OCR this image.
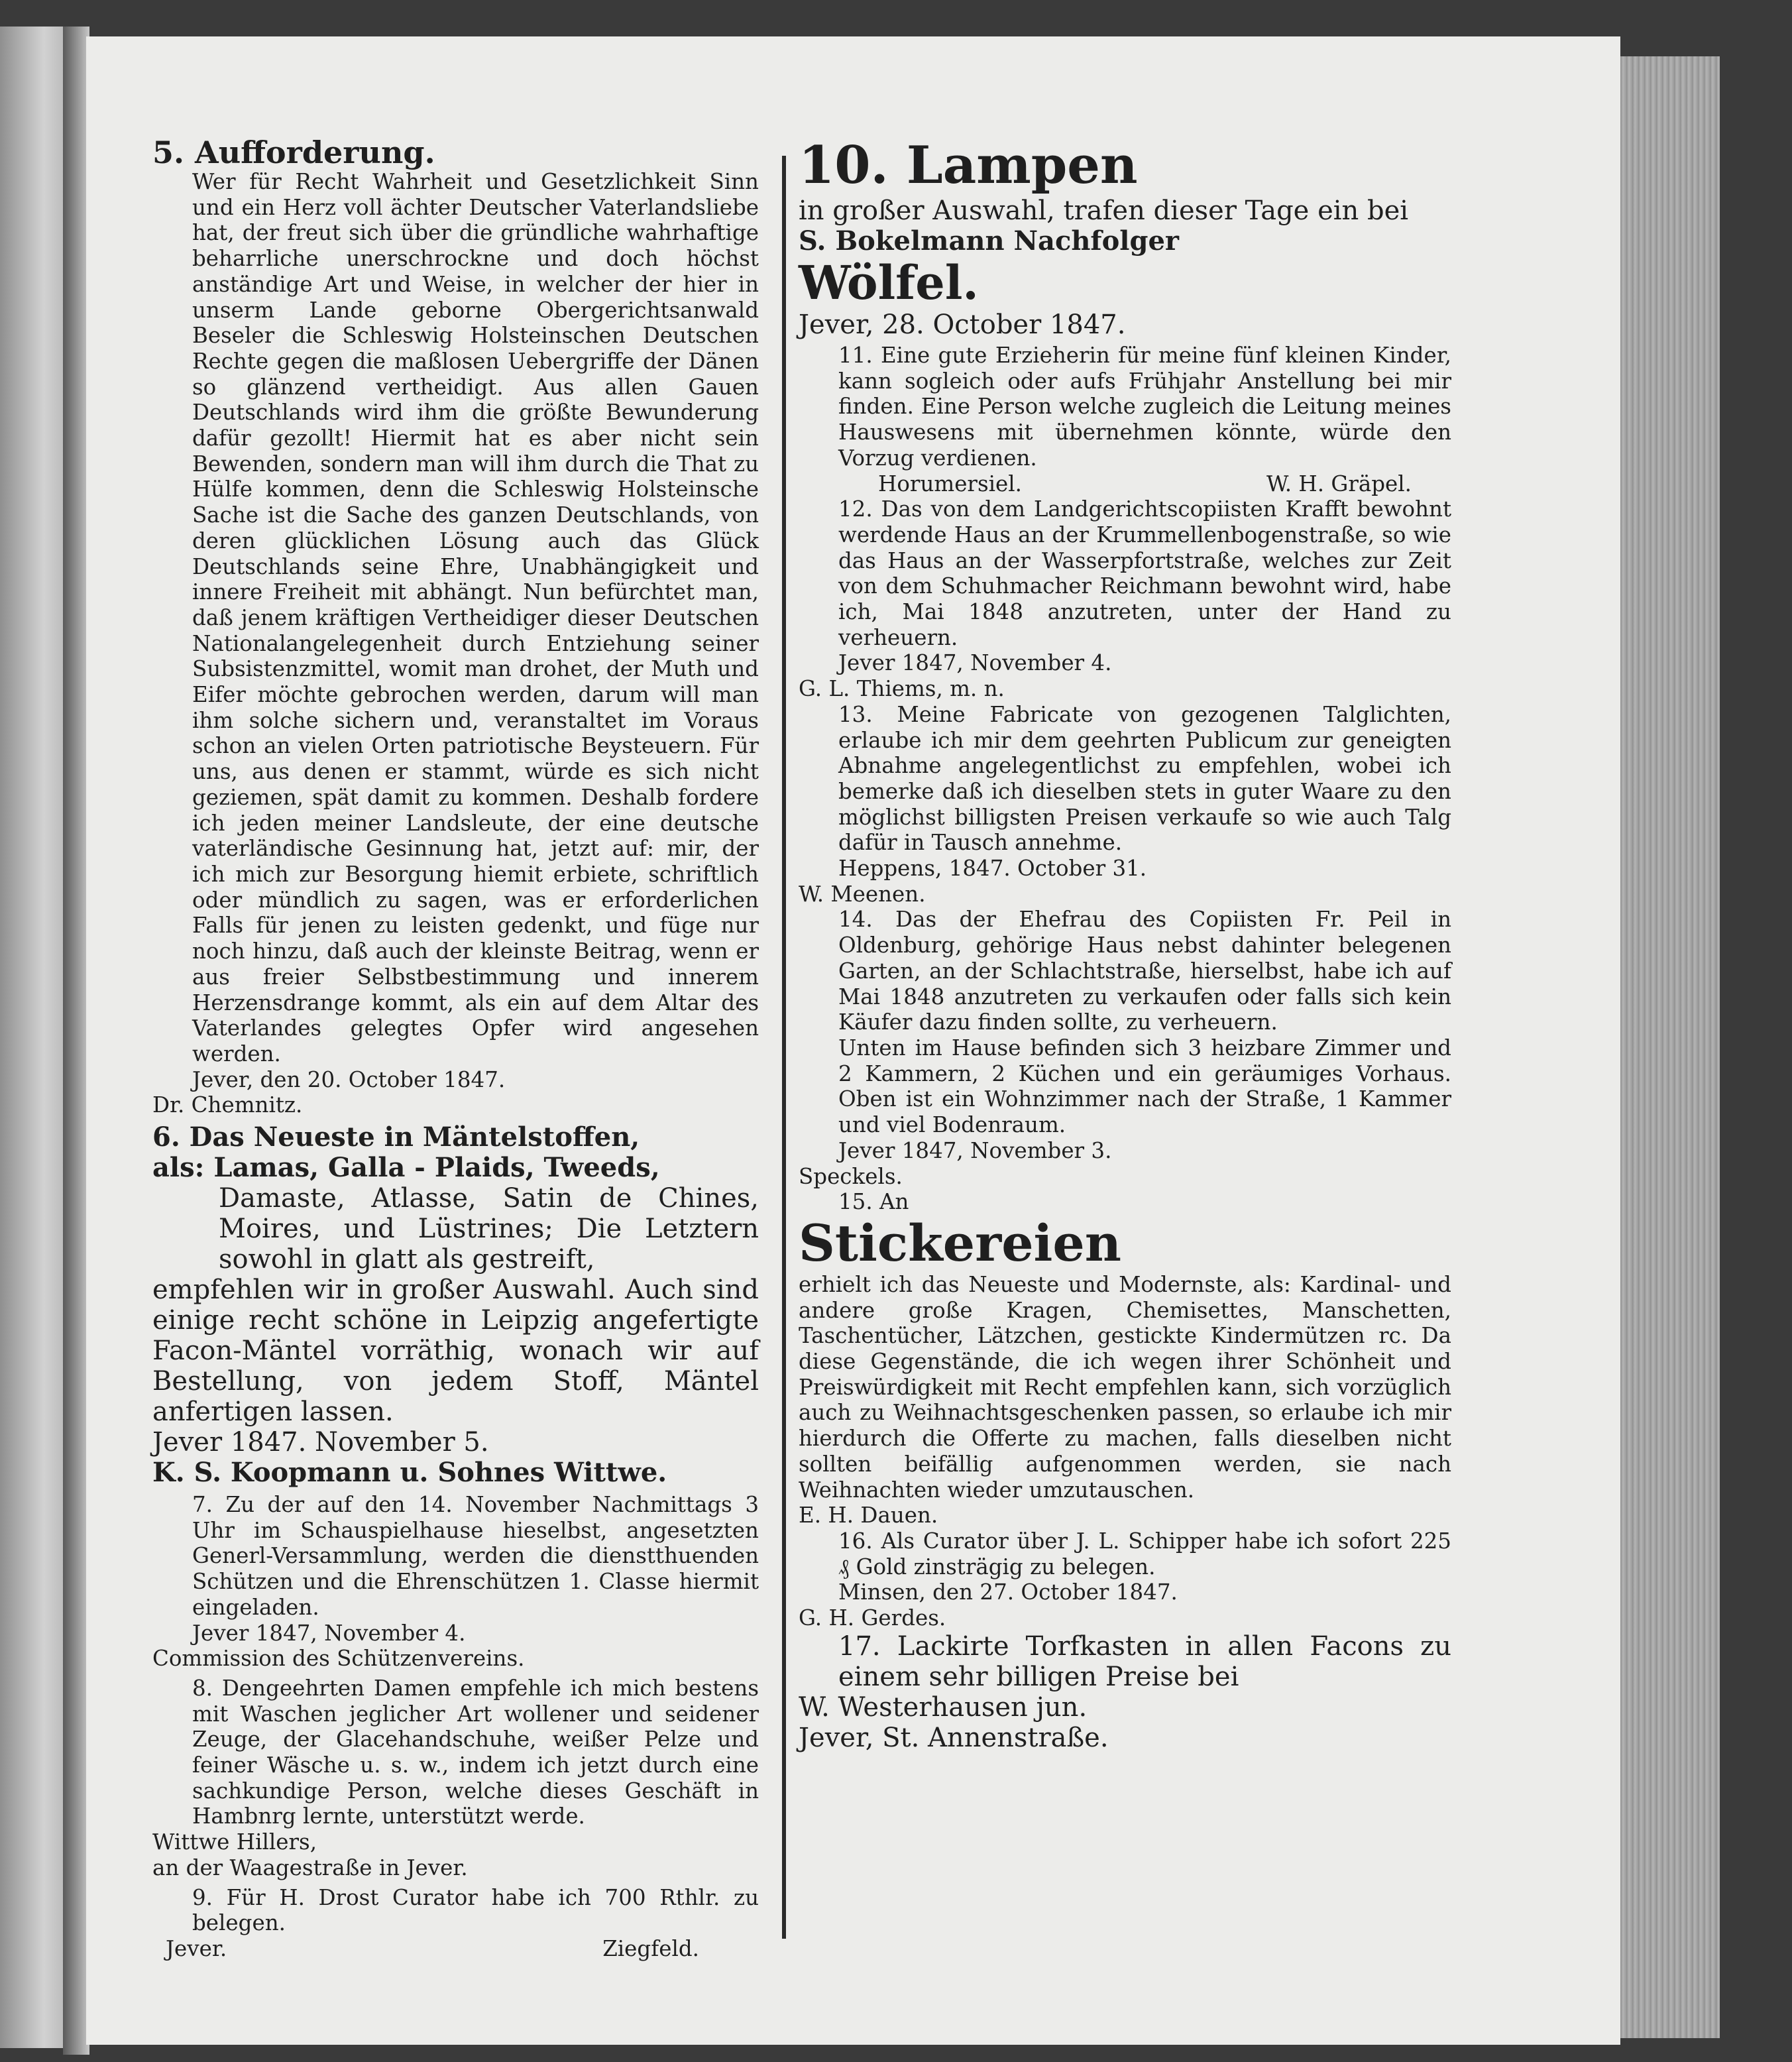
5. Aufforderung.

Wer für Recht Wahrheit und Gesetzlichkeit Sinn und ein Herz voll ächter Deutscher Vaterlandsliebe hat, der freut sich über die gründliche wahrhaftige beharrliche unerschrockne und doch höchst anständige Art und Weise, in welcher der hier in unserm Lande geborne Obergerichtsanwald Beseler die Schleswig Holsteinschen Deutschen Rechte gegen die maßlosen Uebergriffe der Dänen so glänzend vertheidigt. Aus allen Gauen Deutschlands wird ihm die größte Bewunderung dafür gezollt! Hiermit hat es aber nicht sein Bewenden, sondern man will ihm durch die That zu Hülfe kommen, denn die Schleswig Holsteinsche Sache ist die Sache des ganzen Deutschlands, von deren glücklichen Lösung auch das Glück Deutschlands seine Ehre, Unabhängigkeit und innere Freiheit mit abhängt. Nun befürchtet man, daß jenem kräftigen Vertheidiger dieser Deutschen Nationalangelegenheit durch Entziehung seiner Subsistenzmittel, womit man drohet, der Muth und Eifer möchte gebrochen werden, darum will man ihm solche sichern und, veranstaltet im Voraus schon an vielen Orten patriotische Beysteuern. Für uns, aus denen er stammt, würde es sich nicht geziemen, spät damit zu kommen. Deshalb fordere ich jeden meiner Landsleute, der eine deutsche vaterländische Gesinnung hat, jetzt auf: mir, der ich mich zur Besorgung hiemit erbiete, schriftlich oder mündlich zu sagen, was er erforderlichen Falls für jenen zu leisten gedenkt, und füge nur noch hinzu, daß auch der kleinste Beitrag, wenn er aus freier Selbstbestimmung und innerem Herzensdrange kommt, als ein auf dem Altar des Vaterlandes gelegtes Opfer wird angesehen werden.

Jever, den 20. October 1847.

Dr. Chemnitz.

6. Das Neueste in Mäntelstoffen,

als: Lamas, Galla - Plaids, Tweeds,

Damaste, Atlasse, Satin de Chines, Moires, und Lüstrines; Die Letztern sowohl in glatt als gestreift,

empfehlen wir in großer Auswahl. Auch sind einige recht schöne in Leipzig angefertigte Facon-Mäntel vorräthig, wonach wir auf Bestellung, von jedem Stoff, Mäntel anfertigen lassen.

Jever 1847. November 5.

K. S. Koopmann u. Sohnes Wittwe.

7. Zu der auf den 14. November Nachmittags 3 Uhr im Schauspielhause hieselbst, angesetzten Generl-Versammlung, werden die dienstthuenden Schützen und die Ehrenschützen 1. Classe hiermit eingeladen.

Jever 1847, November 4.

Commission des Schützenvereins.

8. Dengeehrten Damen empfehle ich mich bestens mit Waschen jeglicher Art wollener und seidener Zeuge, der Glacehandschuhe, weißer Pelze und feiner Wäsche u. s. w., indem ich jetzt durch eine sachkundige Person, welche dieses Geschäft in Hambnrg lernte, unterstützt werde.

Wittwe Hillers,

an der Waagestraße in Jever.

9. Für H. Drost Curator habe ich 700 Rthlr. zu belegen.

Jever.	Ziegfeld.

10. Lampen

in großer Auswahl, trafen dieser Tage ein bei

S. Bokelmann Nachfolger

Wölfel.

Jever, 28. October 1847.

11. Eine gute Erzieherin für meine fünf kleinen Kinder, kann sogleich oder aufs Frühjahr Anstellung bei mir finden. Eine Person welche zugleich die Leitung meines Hauswesens mit übernehmen könnte, würde den Vorzug verdienen.

Horumersiel.	W. H. Gräpel.

12. Das von dem Landgerichtscopiisten Krafft bewohnt werdende Haus an der Krummellenbogenstraße, so wie das Haus an der Wasserpfortstraße, welches zur Zeit von dem Schuhmacher Reichmann bewohnt wird, habe ich, Mai 1848 anzutreten, unter der Hand zu verheuern.

Jever 1847, November 4.

G. L. Thiems, m. n.

13. Meine Fabricate von gezogenen Talglichten, erlaube ich mir dem geehrten Publicum zur geneigten Abnahme angelegentlichst zu empfehlen, wobei ich bemerke daß ich dieselben stets in guter Waare zu den möglichst billigsten Preisen verkaufe so wie auch Talg dafür in Tausch annehme.

Heppens, 1847. October 31.

W. Meenen.

14. Das der Ehefrau des Copiisten Fr. Peil in Oldenburg, gehörige Haus nebst dahinter belegenen Garten, an der Schlachtstraße, hierselbst, habe ich auf Mai 1848 anzutreten zu verkaufen oder falls sich kein Käufer dazu finden sollte, zu verheuern.

Unten im Hause befinden sich 3 heizbare Zimmer und 2 Kammern, 2 Küchen und ein geräumiges Vorhaus. Oben ist ein Wohnzimmer nach der Straße, 1 Kammer und viel Bodenraum.

Jever 1847, November 3.

Speckels.

15. An

Stickereien

erhielt ich das Neueste und Modernste, als: Kardinal- und andere große Kragen, Chemisettes, Manschetten, Taschentücher, Lätzchen, gestickte Kindermützen rc. Da diese Gegenstände, die ich wegen ihrer Schönheit und Preiswürdigkeit mit Recht empfehlen kann, sich vorzüglich auch zu Weihnachtsgeschenken passen, so erlaube ich mir hierdurch die Offerte zu machen, falls dieselben nicht sollten beifällig aufgenommen werden, sie nach Weihnachten wieder umzutauschen.

E. H. Dauen.

16. Als Curator über J. L. Schipper habe ich sofort 225 ₰ Gold zinsträgig zu belegen.

Minsen, den 27. October 1847.

G. H. Gerdes.

17. Lackirte Torfkasten in allen Facons zu einem sehr billigen Preise bei

W. Westerhausen jun.

Jever, St. Annenstraße.
